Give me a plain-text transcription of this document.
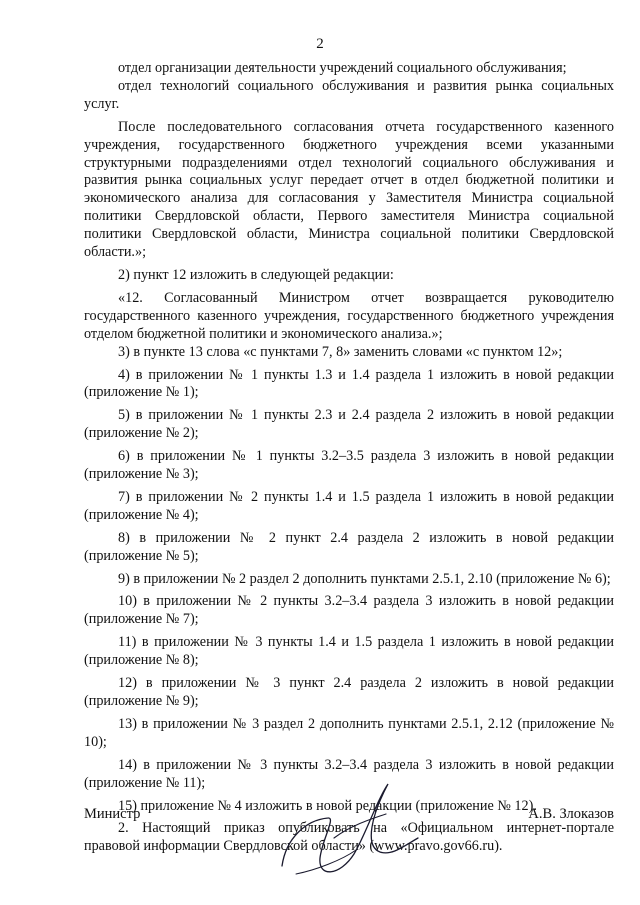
2

отдел организации деятельности учреждений социального обслуживания;

отдел технологий социального обслуживания и развития рынка социальных услуг.

После последовательного согласования отчета государственного казенного учреждения, государственного бюджетного учреждения всеми указанными структурными подразделениями отдел технологий социального обслуживания и развития рынка социальных услуг передает отчет в отдел бюджетной политики и экономического анализа для согласования у Заместителя Министра социальной политики Свердловской области, Первого заместителя Министра социальной политики Свердловской области, Министра социальной политики Свердловской области.»;

2) пункт 12 изложить в следующей редакции:

«12. Согласованный Министром отчет возвращается руководителю государственного казенного учреждения, государственного бюджетного учреждения отделом бюджетной политики и экономического анализа.»;

3) в пункте 13 слова «с пунктами 7, 8» заменить словами «с пунктом 12»;

4) в приложении № 1 пункты 1.3 и 1.4 раздела 1 изложить в новой редакции (приложение № 1);

5) в приложении № 1 пункты 2.3 и 2.4 раздела 2 изложить в новой редакции (приложение № 2);

6) в приложении № 1 пункты 3.2–3.5 раздела 3 изложить в новой редакции (приложение № 3);

7) в приложении № 2 пункты 1.4 и 1.5 раздела 1 изложить в новой редакции (приложение № 4);

8) в приложении № 2 пункт 2.4 раздела 2 изложить в новой редакции (приложение № 5);

9) в приложении № 2 раздел 2 дополнить пунктами 2.5.1, 2.10 (приложение № 6);

10) в приложении № 2 пункты 3.2–3.4 раздела 3 изложить в новой редакции (приложение № 7);

11) в приложении № 3 пункты 1.4 и 1.5 раздела 1 изложить в новой редакции (приложение № 8);

12) в приложении № 3 пункт 2.4 раздела 2 изложить в новой редакции (приложение № 9);

13) в приложении № 3 раздел 2 дополнить пунктами 2.5.1, 2.12 (приложение № 10);

14) в приложении № 3 пункты 3.2–3.4 раздела 3 изложить в новой редакции (приложение № 11);

15) приложение № 4 изложить в новой редакции (приложение № 12).

2. Настоящий приказ опубликовать на «Официальном интернет-портале правовой информации Свердловской области» (www.pravo.gov66.ru).

Министр	А.В. Злоказов
